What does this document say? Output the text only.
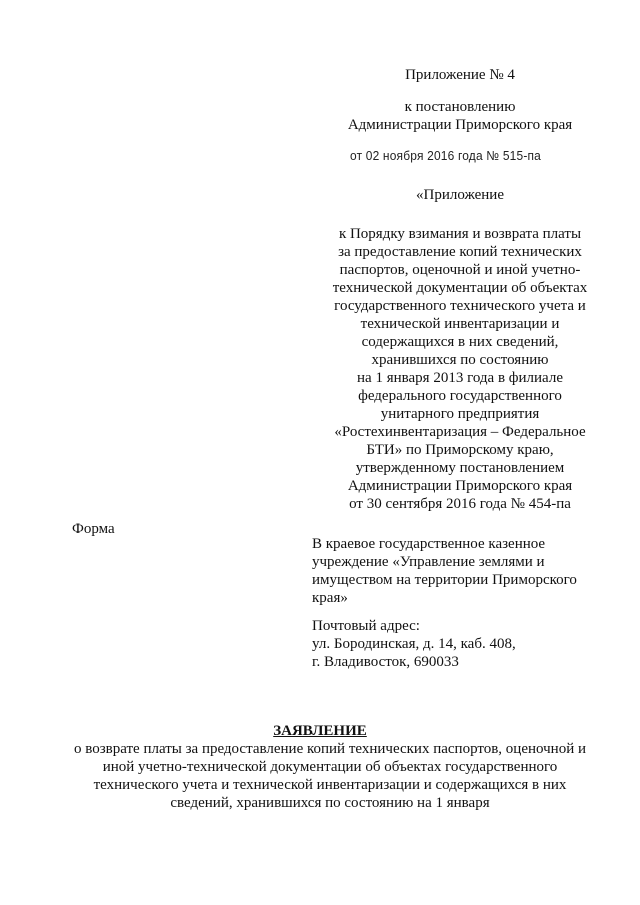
Приложение № 4
к постановлению
Администрации Приморского края
от 02 ноября 2016 года № 515-па
«Приложение
к Порядку взимания и возврата платы
за предоставление копий технических
паспортов, оценочной и иной учетно-
технической документации об объектах
государственного технического учета и
технической инвентаризации и
содержащихся в них сведений,
хранившихся по состоянию
на 1 января 2013 года в филиале
федерального государственного
унитарного предприятия
«Ростехинвентаризация – Федеральное
БТИ» по Приморскому краю,
утвержденному постановлением
Администрации Приморского края
от 30 сентября 2016 года № 454-па
Форма
В краевое государственное казенное
учреждение «Управление землями и
имуществом на территории Приморского
края»
Почтовый адрес:
ул. Бородинская, д. 14, каб. 408,
г. Владивосток, 690033
ЗАЯВЛЕНИЕ
о возврате платы за предоставление копий технических паспортов, оценочной и
иной учетно-технической документации об объектах государственного
технического учета и технической инвентаризации и содержащихся в них
сведений, хранившихся по состоянию на 1 января
